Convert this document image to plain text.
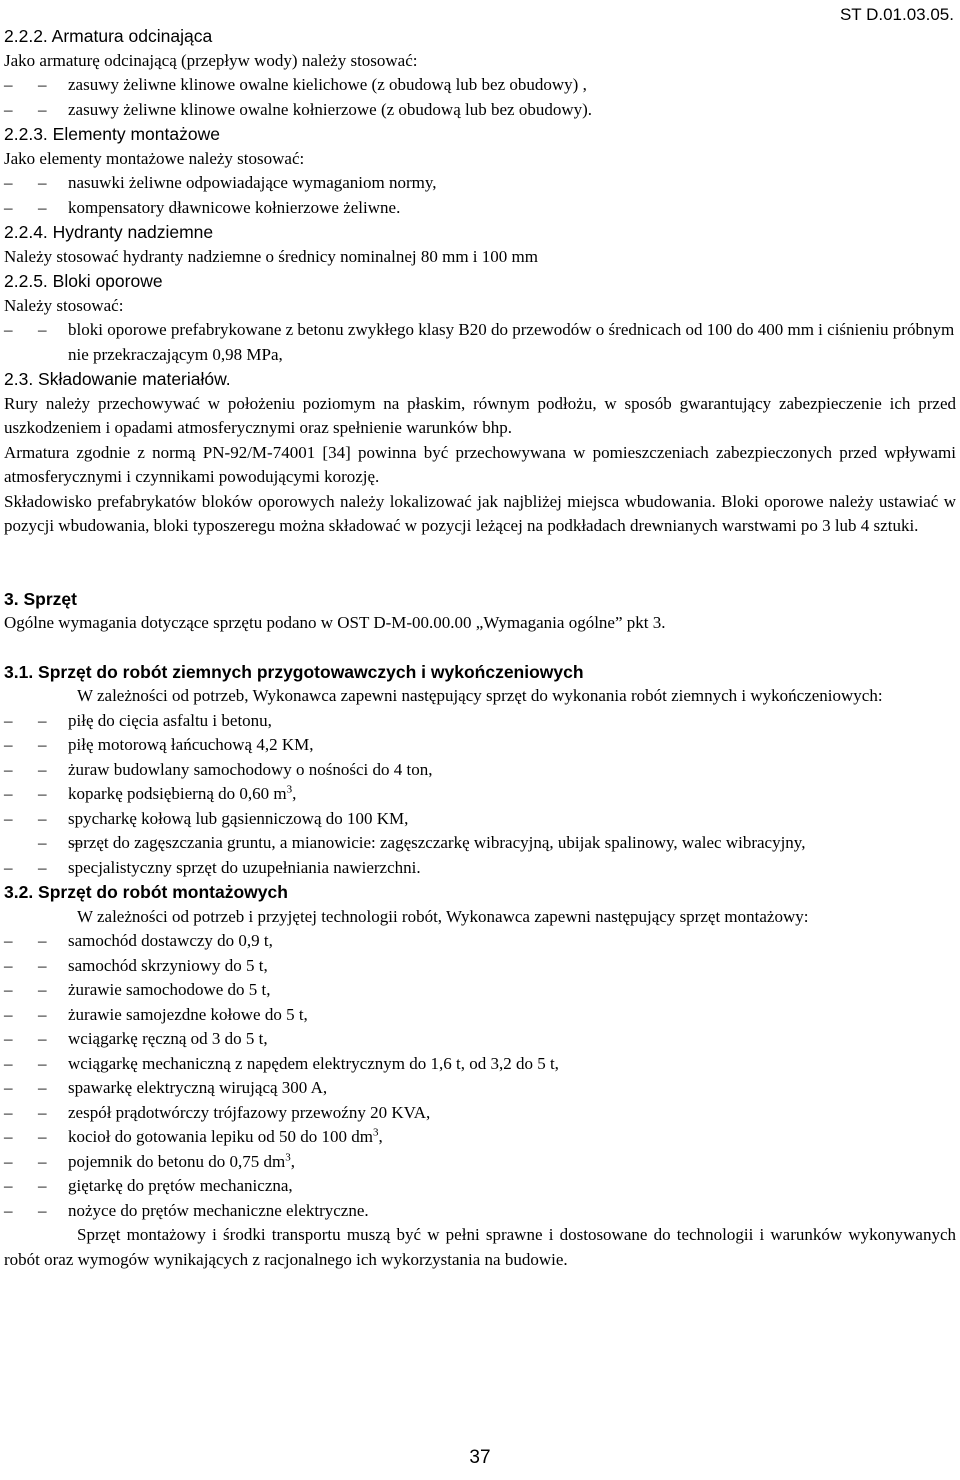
ST D.01.03.05.

2.2.2. Armatura odcinająca

Jako armaturę odcinającą (przepływ wody) należy stosować:

– – zasuwy żeliwne klinowe owalne kielichowe (z obudową lub bez obudowy) ,
– – zasuwy żeliwne klinowe owalne kołnierzowe (z obudową lub bez obudowy).

2.2.3. Elementy montażowe

Jako elementy montażowe należy stosować:

– – nasuwki żeliwne odpowiadające wymaganiom normy,
– – kompensatory dławnicowe kołnierzowe żeliwne.

2.2.4. Hydranty nadziemne

Należy stosować hydranty nadziemne o średnicy nominalnej 80 mm i 100 mm

2.2.5. Bloki oporowe

Należy stosować:

– – bloki oporowe prefabrykowane z betonu zwykłego klasy B20 do przewodów o średnicach od 100 do 400 mm i ciśnieniu próbnym nie przekraczającym 0,98 MPa,

2.3. Składowanie materiałów.

Rury należy przechowywać w położeniu poziomym na płaskim, równym podłożu, w sposób gwarantujący zabezpieczenie ich przed uszkodzeniem i opadami atmosferycznymi oraz spełnienie warunków bhp.

Armatura zgodnie z normą PN-92/M-74001 [34] powinna być przechowywana w pomieszczeniach zabezpieczonych przed wpływami atmosferycznymi i czynnikami powodującymi korozję.

Składowisko prefabrykatów bloków oporowych należy lokalizować jak najbliżej miejsca wbudowania. Bloki oporowe należy ustawiać w pozycji wbudowania, bloki typoszeregu można składować w pozycji leżącej na podkładach drewnianych warstwami po 3 lub 4 sztuki.

3. Sprzęt

Ogólne wymagania dotyczące sprzętu podano w OST D-M-00.00.00 „Wymagania ogólne” pkt 3.

3.1. Sprzęt do robót ziemnych przygotowawczych i wykończeniowych

W zależności od potrzeb, Wykonawca zapewni następujący sprzęt do wykonania robót ziemnych i wykończeniowych:

– – piłę do cięcia asfaltu i betonu,
– – piłę motorową łańcuchową 4,2 KM,
– – żuraw budowlany samochodowy o nośności do 4 ton,
– – koparkę podsiębierną do 0,60 $m^3$,
– – spycharkę kołową lub gąsienniczową do 100 KM,
– – sprzęt do zagęszczania gruntu, a mianowicie: zagęszczarkę wibracyjną, ubijak spalinowy, walec wibracyjny,
– – specjalistyczny sprzęt do uzupełniania nawierzchni.

3.2. Sprzęt do robót montażowych

W zależności od potrzeb i przyjętej technologii robót, Wykonawca zapewni następujący sprzęt montażowy:

– – samochód dostawczy do 0,9 t,
– – samochód skrzyniowy do 5 t,
– – żurawie samochodowe do 5 t,
– – żurawie samojezdne kołowe do 5 t,
– – wciągarkę ręczną od 3 do 5 t,
– – wciągarkę mechaniczną z napędem elektrycznym do 1,6 t, od 3,2 do 5 t,
– – spawarkę elektryczną wirującą 300 A,
– – zespół prądotwórczy trójfazowy przewoźny 20 KVA,
– – kocioł do gotowania lepiku od 50 do 100 $dm^3$,
– – pojemnik do betonu do 0,75 $dm^3$,
– – giętarkę do prętów mechaniczna,
– – nożyce do prętów mechaniczne elektryczne.

Sprzęt montażowy i środki transportu muszą być w pełni sprawne i dostosowane do technologii i warunków wykonywanych robót oraz wymogów wynikających z racjonalnego ich wykorzystania na budowie.

37
